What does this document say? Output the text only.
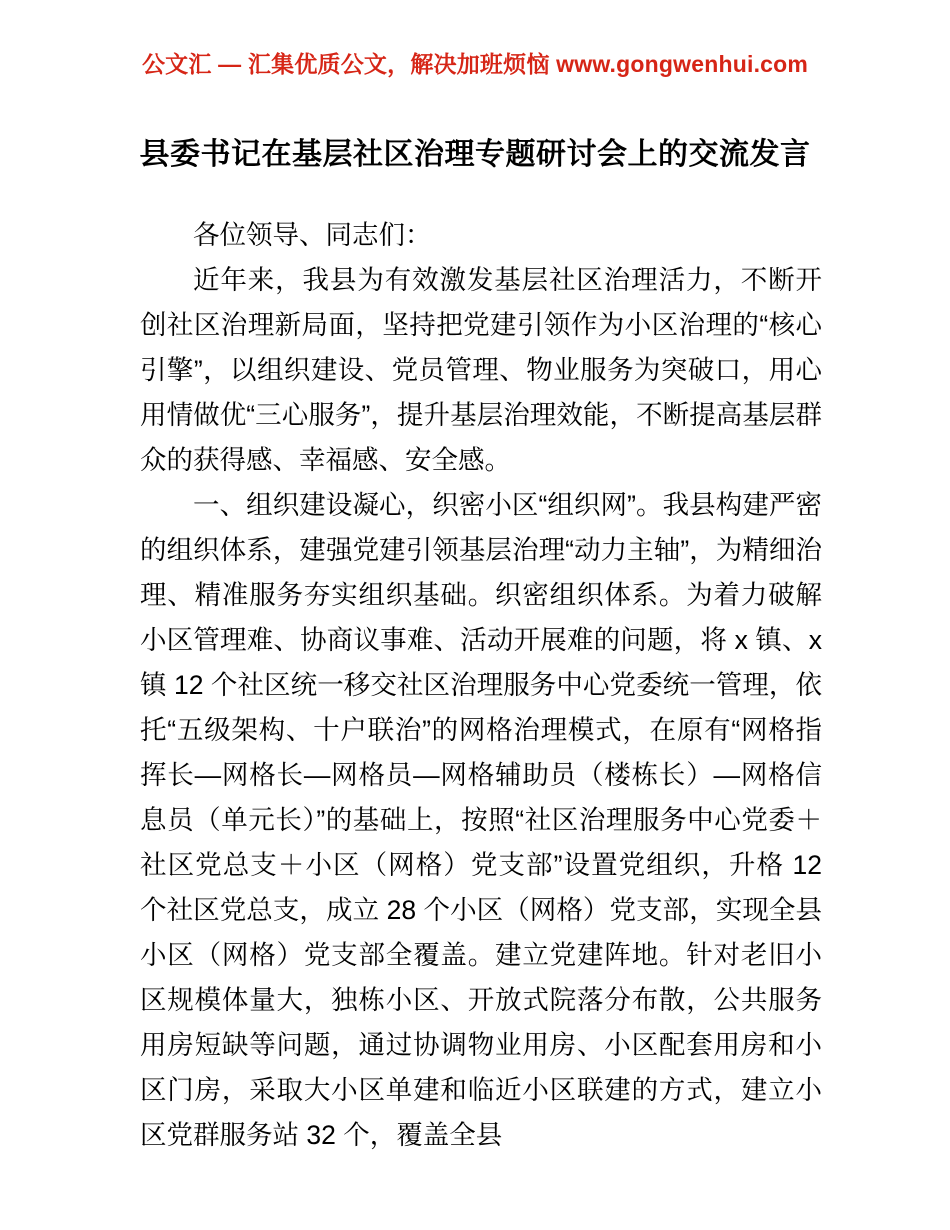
公文汇 — 汇集优质公文，解决加班烦恼 www.gongwenhui.com
县委书记在基层社区治理专题研讨会上的交流发言

各位领导、同志们：

近年来，我县为有效激发基层社区治理活力，不断开创社区治理新局面，坚持把党建引领作为小区治理的“核心引擎”，以组织建设、党员管理、物业服务为突破口，用心用情做优“三心服务”，提升基层治理效能，不断提高基层群众的获得感、幸福感、安全感。

一、组织建设凝心，织密小区“组织网”。我县构建严密的组织体系，建强党建引领基层治理“动力主轴”，为精细治理、精准服务夯实组织基础。织密组织体系。为着力破解小区管理难、协商议事难、活动开展难的问题，将 x 镇、x 镇 12 个社区统一移交社区治理服务中心党委统一管理，依托“五级架构、十户联治”的网格治理模式，在原有“网格指挥长—网格长—网格员—网格辅助员（楼栋长）—网格信息员（单元长）”的基础上，按照“社区治理服务中心党委＋社区党总支＋小区（网格）党支部”设置党组织，升格 12 个社区党总支，成立 28 个小区（网格）党支部，实现全县小区（网格）党支部全覆盖。建立党建阵地。针对老旧小区规模体量大，独栋小区、开放式院落分布散，公共服务用房短缺等问题，通过协调物业用房、小区配套用房和小区门房，采取大小区单建和临近小区联建的方式，建立小区党群服务站 32 个，覆盖全县
